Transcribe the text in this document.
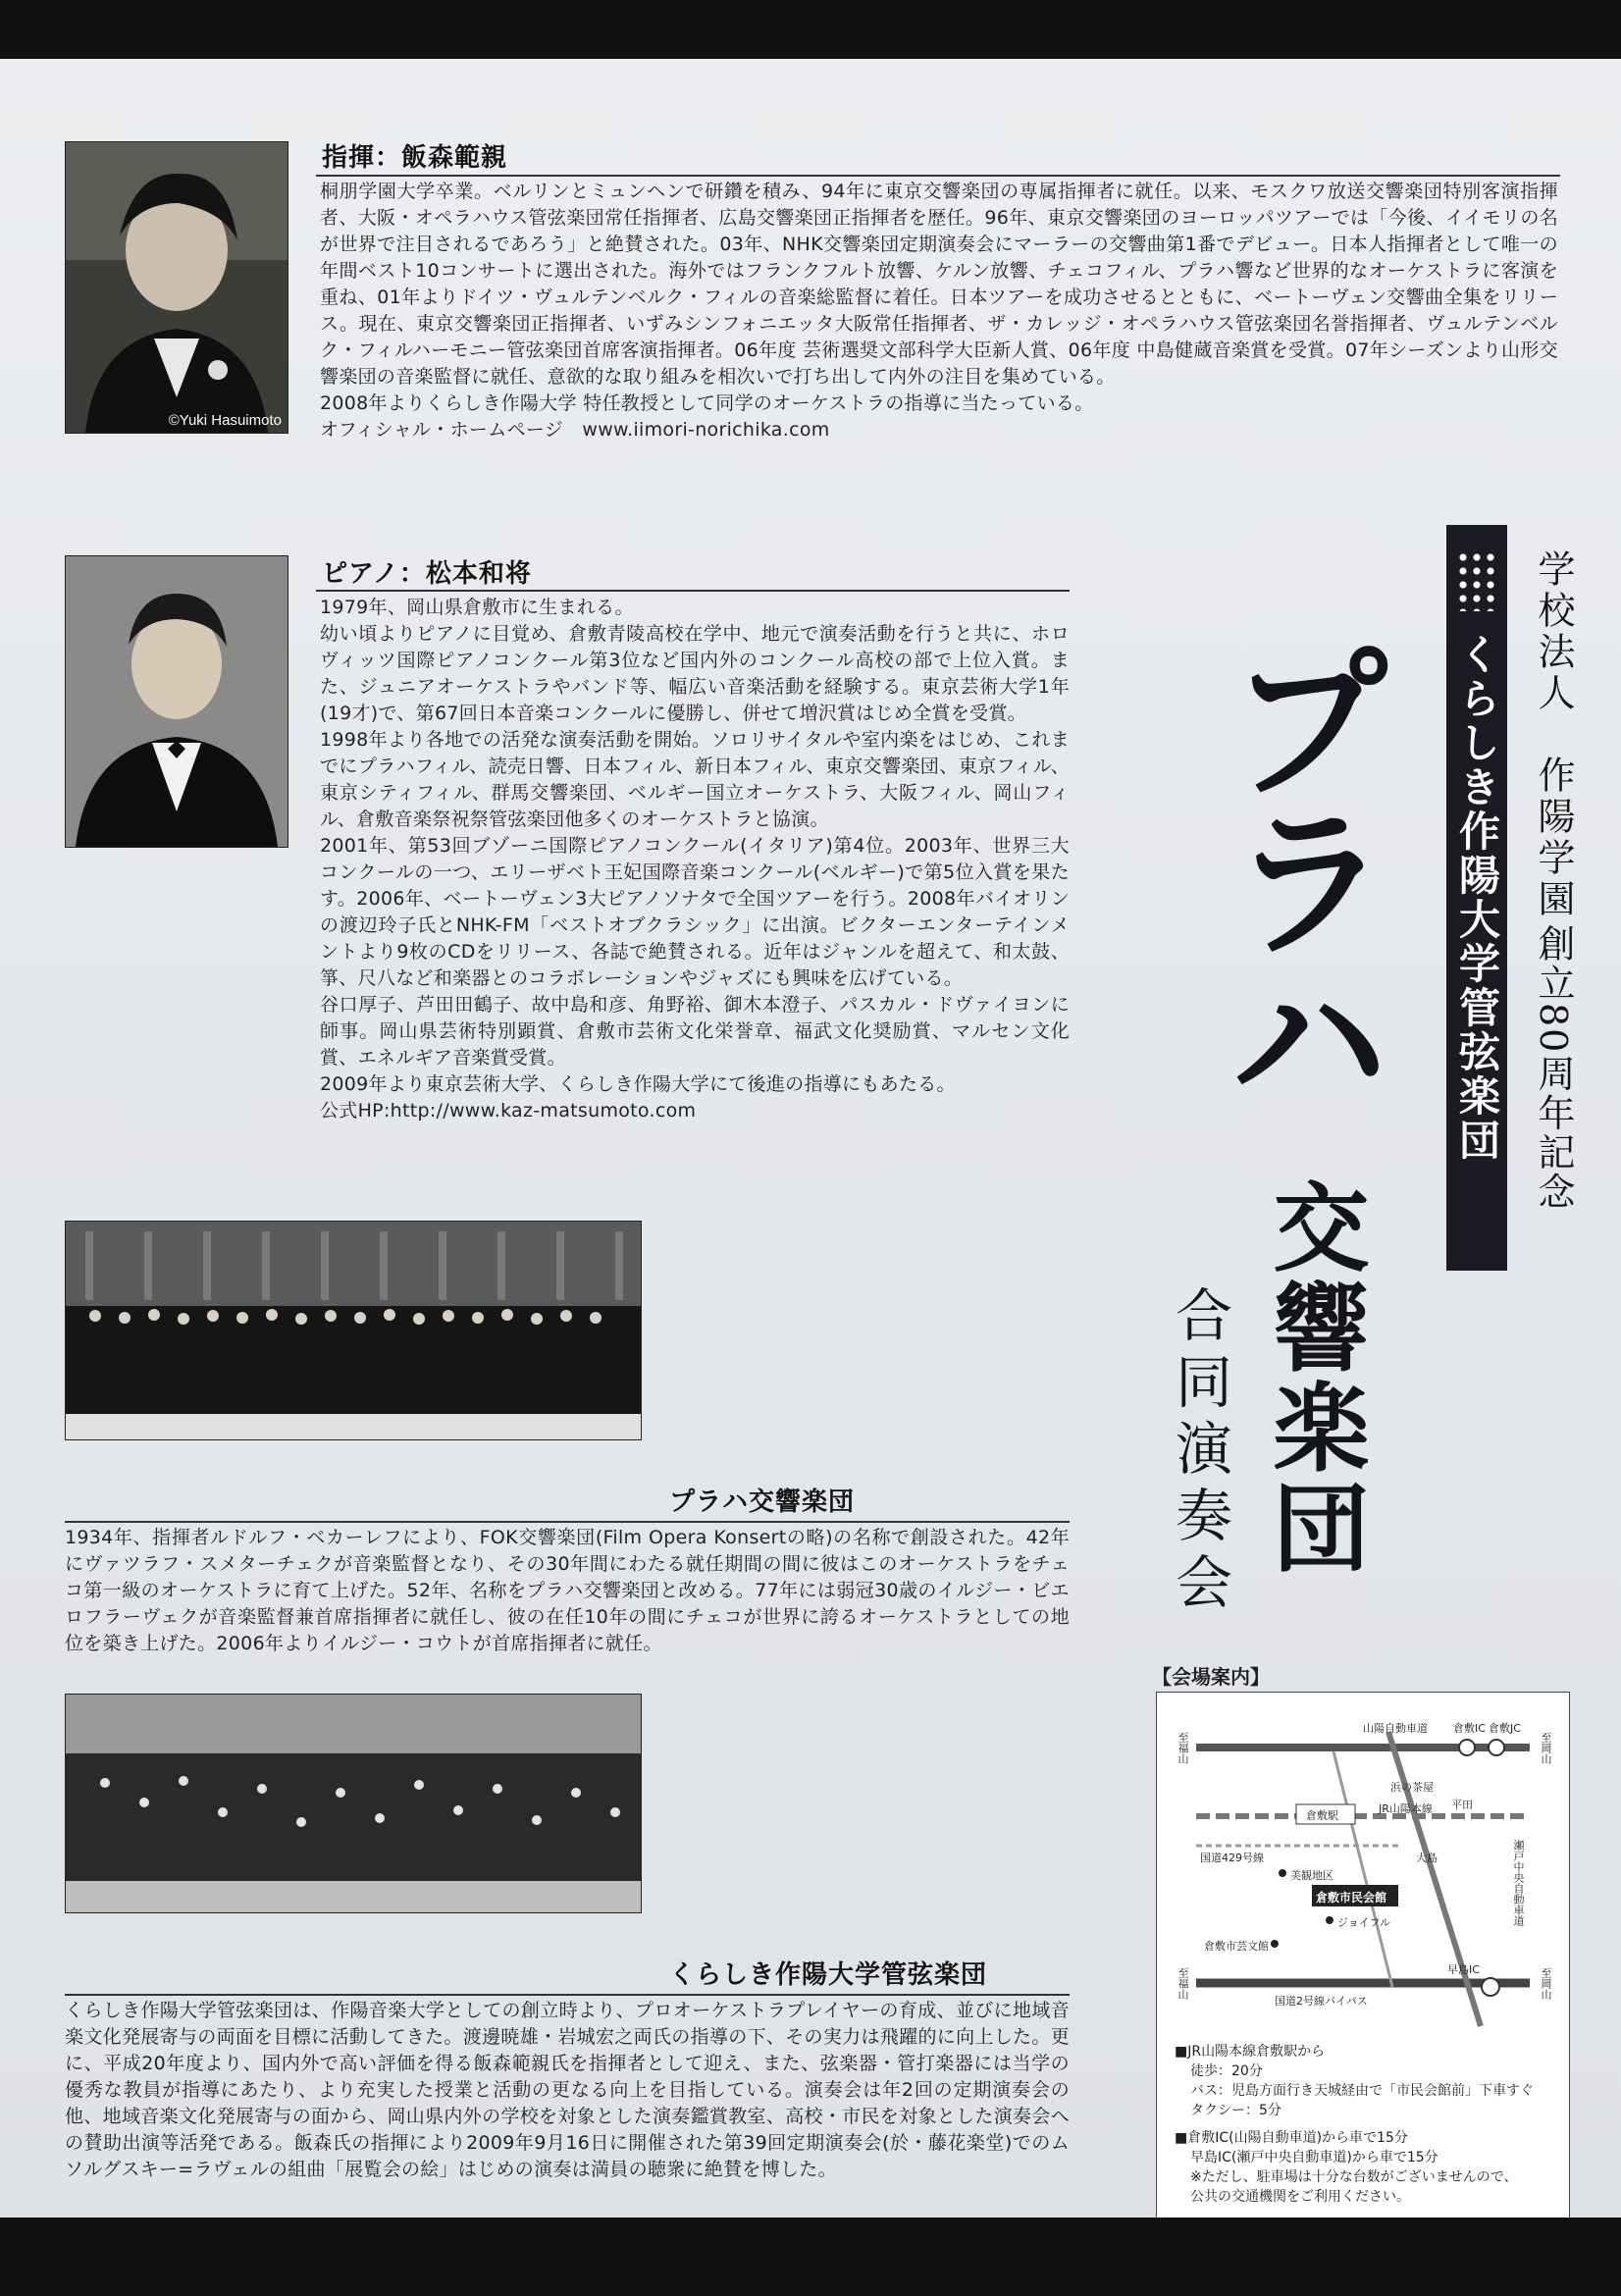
©Yuki Hasuimoto
指揮：飯森範親

桐朋学園大学卒業。ベルリンとミュンヘンで研鑽を積み、94年に東京交響楽団の専属指揮者に就任。以来、モスクワ放送交響楽団特別客演指揮者、大阪・オペラハウス管弦楽団常任指揮者、広島交響楽団正指揮者を歴任。96年、東京交響楽団のヨーロッパツアーでは「今後、イイモリの名が世界で注目されるであろう」と絶賛された。03年、NHK交響楽団定期演奏会にマーラーの交響曲第1番でデビュー。日本人指揮者として唯一の年間ベスト10コンサートに選出された。海外ではフランクフルト放響、ケルン放響、チェコフィル、プラハ響など世界的なオーケストラに客演を重ね、01年よりドイツ・ヴュルテンベルク・フィルの音楽総監督に着任。日本ツアーを成功させるとともに、ベートーヴェン交響曲全集をリリース。現在、東京交響楽団正指揮者、いずみシンフォニエッタ大阪常任指揮者、ザ・カレッジ・オペラハウス管弦楽団名誉指揮者、ヴュルテンベルク・フィルハーモニー管弦楽団首席客演指揮者。06年度 芸術選奨文部科学大臣新人賞、06年度 中島健蔵音楽賞を受賞。07年シーズンより山形交響楽団の音楽監督に就任、意欲的な取り組みを相次いで打ち出して内外の注目を集めている。

2008年よりくらしき作陽大学 特任教授として同学のオーケストラの指導に当たっている。

オフィシャル・ホームページ　www.iimori-norichika.com

ピアノ：松本和将

1979年、岡山県倉敷市に生まれる。

幼い頃よりピアノに目覚め、倉敷青陵高校在学中、地元で演奏活動を行うと共に、ホロヴィッツ国際ピアノコンクール第3位など国内外のコンクール高校の部で上位入賞。また、ジュニアオーケストラやバンド等、幅広い音楽活動を経験する。東京芸術大学1年(19才)で、第67回日本音楽コンクールに優勝し、併せて増沢賞はじめ全賞を受賞。

1998年より各地での活発な演奏活動を開始。ソロリサイタルや室内楽をはじめ、これまでにプラハフィル、読売日響、日本フィル、新日本フィル、東京交響楽団、東京フィル、東京シティフィル、群馬交響楽団、ベルギー国立オーケストラ、大阪フィル、岡山フィル、倉敷音楽祭祝祭管弦楽団他多くのオーケストラと協演。

2001年、第53回ブゾーニ国際ピアノコンクール(イタリア)第4位。2003年、世界三大コンクールの一つ、エリーザベト王妃国際音楽コンクール(ベルギー)で第5位入賞を果たす。2006年、ベートーヴェン3大ピアノソナタで全国ツアーを行う。2008年バイオリンの渡辺玲子氏とNHK-FM「ベストオブクラシック」に出演。ビクターエンターテインメントより9枚のCDをリリース、各誌で絶賛される。近年はジャンルを超えて、和太鼓、箏、尺八など和楽器とのコラボレーションやジャズにも興味を広げている。

谷口厚子、芦田田鶴子、故中島和彦、角野裕、御木本澄子、パスカル・ドヴァイヨンに師事。岡山県芸術特別顕賞、倉敷市芸術文化栄誉章、福武文化奨励賞、マルセン文化賞、エネルギア音楽賞受賞。

2009年より東京芸術大学、くらしき作陽大学にて後進の指導にもあたる。

公式HP:http://www.kaz-matsumoto.com

プラハ交響楽団

1934年、指揮者ルドルフ・ベカーレフにより、FOK交響楽団(Film Opera Konsertの略)の名称で創設された。42年にヴァツラフ・スメターチェクが音楽監督となり、その30年間にわたる就任期間の間に彼はこのオーケストラをチェコ第一級のオーケストラに育て上げた。52年、名称をプラハ交響楽団と改める。77年には弱冠30歳のイルジー・ビエロフラーヴェクが音楽監督兼首席指揮者に就任し、彼の在任10年の間にチェコが世界に誇るオーケストラとしての地位を築き上げた。2006年よりイルジー・コウトが首席指揮者に就任。

くらしき作陽大学管弦楽団

くらしき作陽大学管弦楽団は、作陽音楽大学としての創立時より、プロオーケストラプレイヤーの育成、並びに地域音楽文化発展寄与の両面を目標に活動してきた。渡邊暁雄・岩城宏之両氏の指導の下、その実力は飛躍的に向上した。更に、平成20年度より、国内外で高い評価を得る飯森範親氏を指揮者として迎え、また、弦楽器・管打楽器には当学の優秀な教員が指導にあたり、より充実した授業と活動の更なる向上を目指している。演奏会は年2回の定期演奏会の他、地域音楽文化発展寄与の面から、岡山県内外の学校を対象とした演奏鑑賞教室、高校・市民を対象とした演奏会への賛助出演等活発である。飯森氏の指揮により2009年9月16日に開催された第39回定期演奏会(於・藤花楽堂)でのムソルグスキー=ラヴェルの組曲「展覧会の絵」はじめの演奏は満員の聴衆に絶賛を博した。

くらしき作陽大学管弦楽団 学校法人　作陽学園
創立80周年記念
プラハ
交響楽団
合同演奏会
【会場案内】
山陽自動車道 倉敷IC 倉敷JC
至福山	至岡山
浜の茶屋
JR山陽本線
倉敷駅
平田
国道429号線	大島
美観地区
倉敷市民会館
ジョイフル
倉敷市芸文館
早島IC
国道2号線バイパス
瀬戸中央自動車道
至福山	至岡山

■JR山陽本線倉敷駅から

徒歩：20分

バス：児島方面行き天城経由で「市民会館前」下車すぐ

タクシー：5分

■倉敷IC(山陽自動車道)から車で15分

早島IC(瀬戸中央自動車道)から車で15分

※ただし、駐車場は十分な台数がございませんので、

公共の交通機関をご利用ください。
